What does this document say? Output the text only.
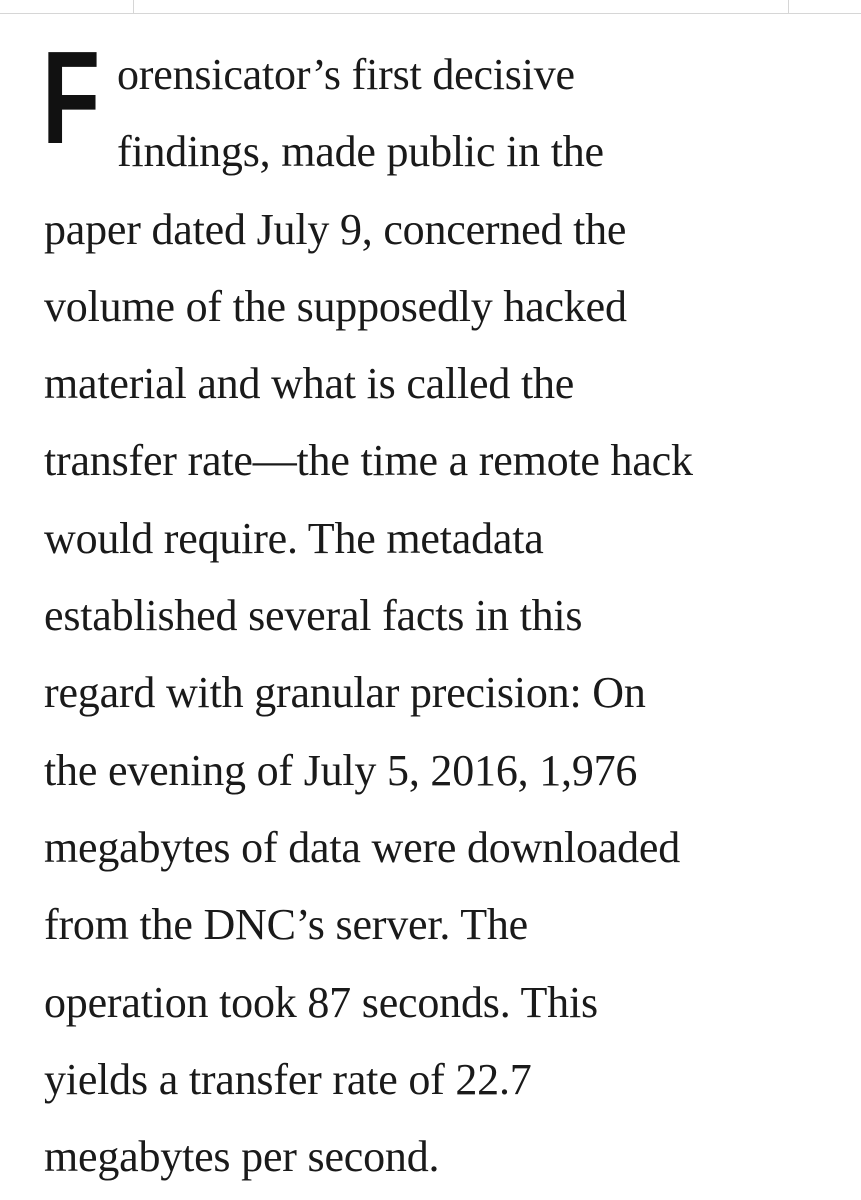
F orensicator’s first decisive
findings, made public in the
paper dated July 9, concerned the
volume of the supposedly hacked
material and what is called the
transfer rate—the time a remote hack
would require. The metadata
established several facts in this
regard with granular precision: On
the evening of July 5, 2016, 1,976
megabytes of data were downloaded
from the DNC’s server. The
operation took 87 seconds. This
yields a transfer rate of 22.7
megabytes per second.
